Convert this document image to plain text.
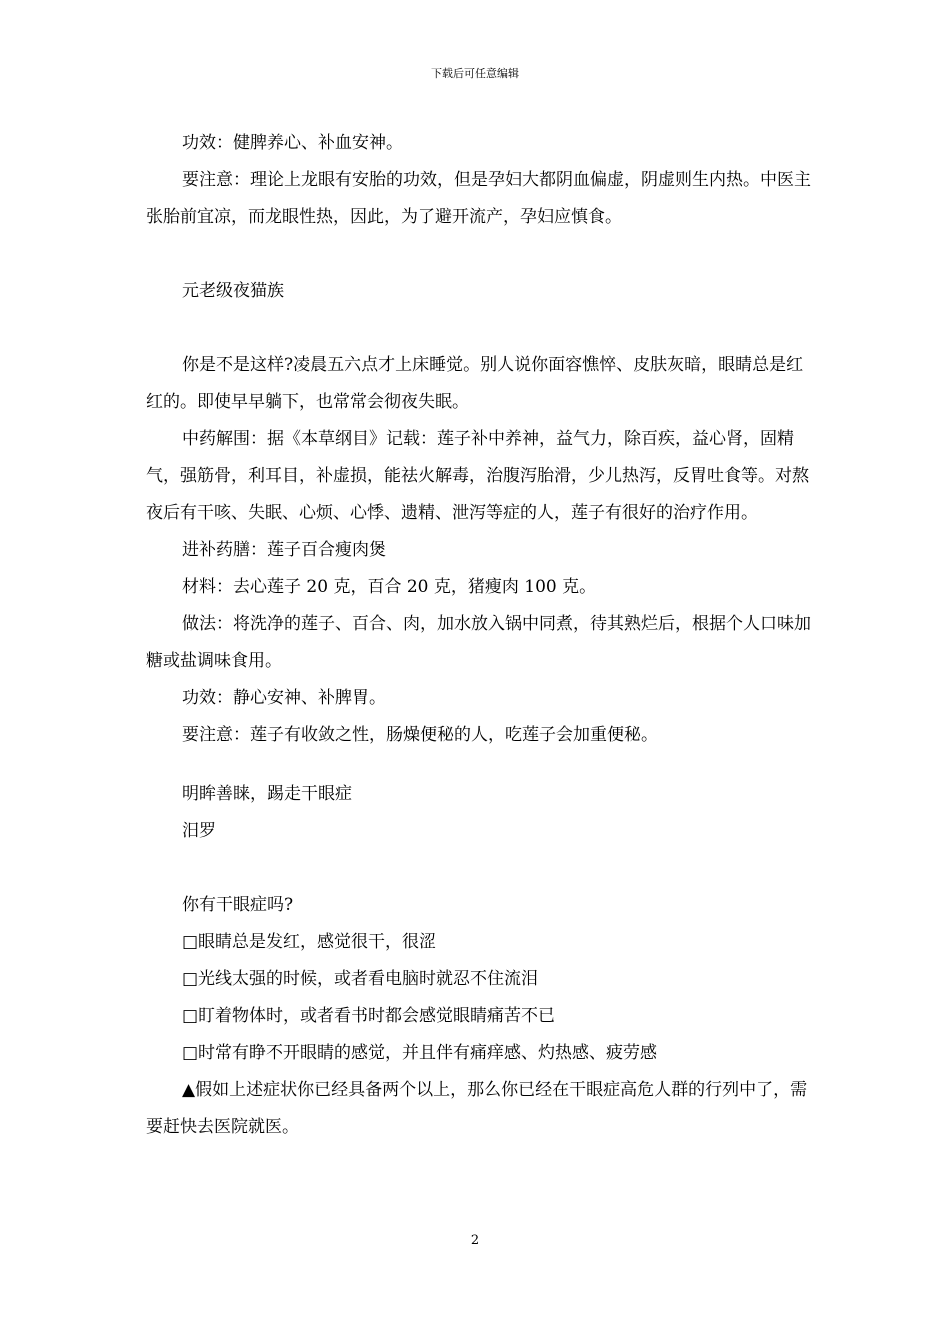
下载后可任意编辑

功效：健脾养心、补血安神。

要注意：理论上龙眼有安胎的功效，但是孕妇大都阴血偏虚，阴虚则生内热。中医主张胎前宜凉，而龙眼性热，因此，为了避开流产，孕妇应慎食。

元老级夜猫族

你是不是这样?凌晨五六点才上床睡觉。别人说你面容憔悴、皮肤灰暗，眼睛总是红红的。即使早早躺下，也常常会彻夜失眠。

中药解围：据《本草纲目》记载：莲子补中养神，益气力，除百疾，益心肾，固精气，强筋骨，利耳目，补虚损，能祛火解毒，治腹泻胎滑，少儿热泻，反胃吐食等。对熬夜后有干咳、失眠、心烦、心悸、遗精、泄泻等症的人，莲子有很好的治疗作用。

进补药膳：莲子百合瘦肉煲

材料：去心莲子 20 克，百合 20 克，猪瘦肉 100 克。

做法：将洗净的莲子、百合、肉，加水放入锅中同煮，待其熟烂后，根据个人口味加糖或盐调味食用。

功效：静心安神、补脾胃。

要注意：莲子有收敛之性，肠燥便秘的人，吃莲子会加重便秘。

明眸善睐，踢走干眼症

汨罗

你有干眼症吗?

□眼睛总是发红，感觉很干，很涩

□光线太强的时候，或者看电脑时就忍不住流泪

□盯着物体时，或者看书时都会感觉眼睛痛苦不已

□时常有睁不开眼睛的感觉，并且伴有痛痒感、灼热感、疲劳感

▲假如上述症状你已经具备两个以上，那么你已经在干眼症高危人群的行列中了，需要赶快去医院就医。

2
